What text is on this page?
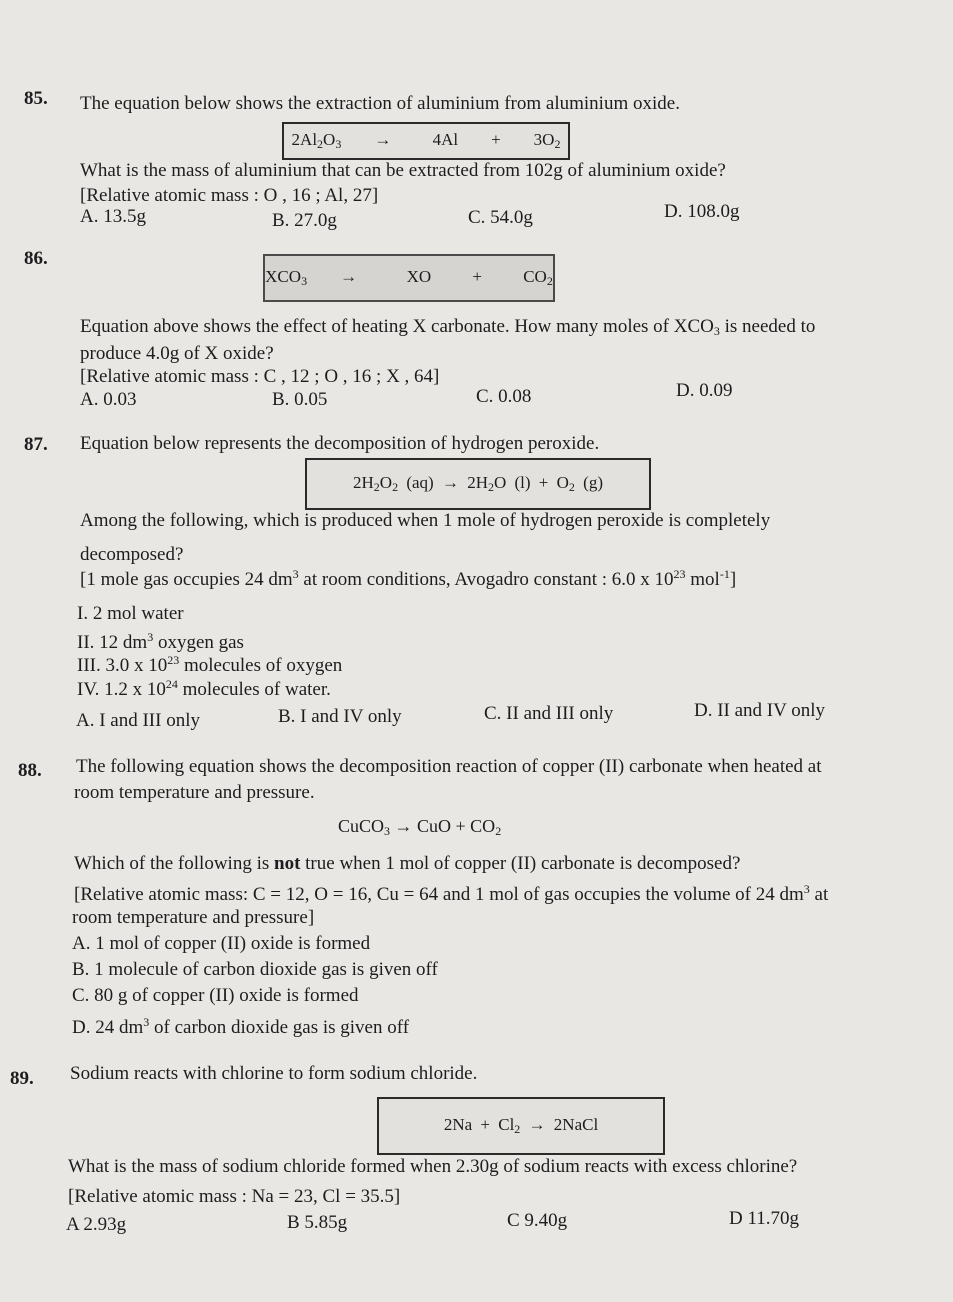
85. The equation below shows the extraction of aluminium from aluminium oxide.
$2Al_2O_3 \to 4Al + 3O_2$
What is the mass of aluminium that can be extracted from 102g of aluminium oxide?
[Relative atomic mass : O , 16 ; Al, 27]
A. 13.5g	B. 27.0g	C. 54.0g	D. 108.0g
86.
$XCO_3$ →	XO + $CO_2$
Equation above shows the effect of heating X carbonate. How many moles of $XCO_3$ is needed to
produce 4.0g of X oxide?
[Relative atomic mass : C , 12 ; O , 16 ; X , 64]
A. 0.03	B. 0.05	C. 0.08	D. 0.09
87. Equation below represents the decomposition of hydrogen peroxide.
$2H_2O_2$ $(aq) \to 2H_2O$ $(l) + O_2$ (g)
Among the following, which is produced when 1 mole of hydrogen peroxide is completely
decomposed?
[1 mole gas occupies 24 $dm^3$ at room conditions, Avogadro constant : 6.0 x $10^{23}$ mol$^{-1}$]
I. 2 mol water
II. 12 $dm^3$ oxygen gas
III. 3.0 x $10^{23}$ molecules of oxygen
IV. 1.2 x $10^{24}$ molecules of water.
A. I and III only	B. I and IV only	C. II and III only	D. II and IV only
88. The following equation shows the decomposition reaction of copper (II) carbonate when heated at
room temperature and pressure.
CuCO$_3$ → CuO + $CO_2$
Which of the following is not true when 1 mol of copper (II) carbonate is decomposed?
[Relative atomic mass: C = 12, O = 16, Cu = 64 and 1 mol of gas occupies the volume of 24 $dm^3$ at
room temperature and pressure]
A. 1 mol of copper (II) oxide is formed
B. 1 molecule of carbon dioxide gas is given off
C. 80 g of copper (II) oxide is formed
D. 24 $dm^3$ of carbon dioxide gas is given off
89. Sodium reacts with chlorine to form sodium chloride.
$2Na + Cl_2$ → 2NaCl
What is the mass of sodium chloride formed when 2.30g of sodium reacts with excess chlorine?
[Relative atomic mass : Na = 23, Cl = 35.5]
A 2.93g	B 5.85g	C 9.40g	D 11.70g
